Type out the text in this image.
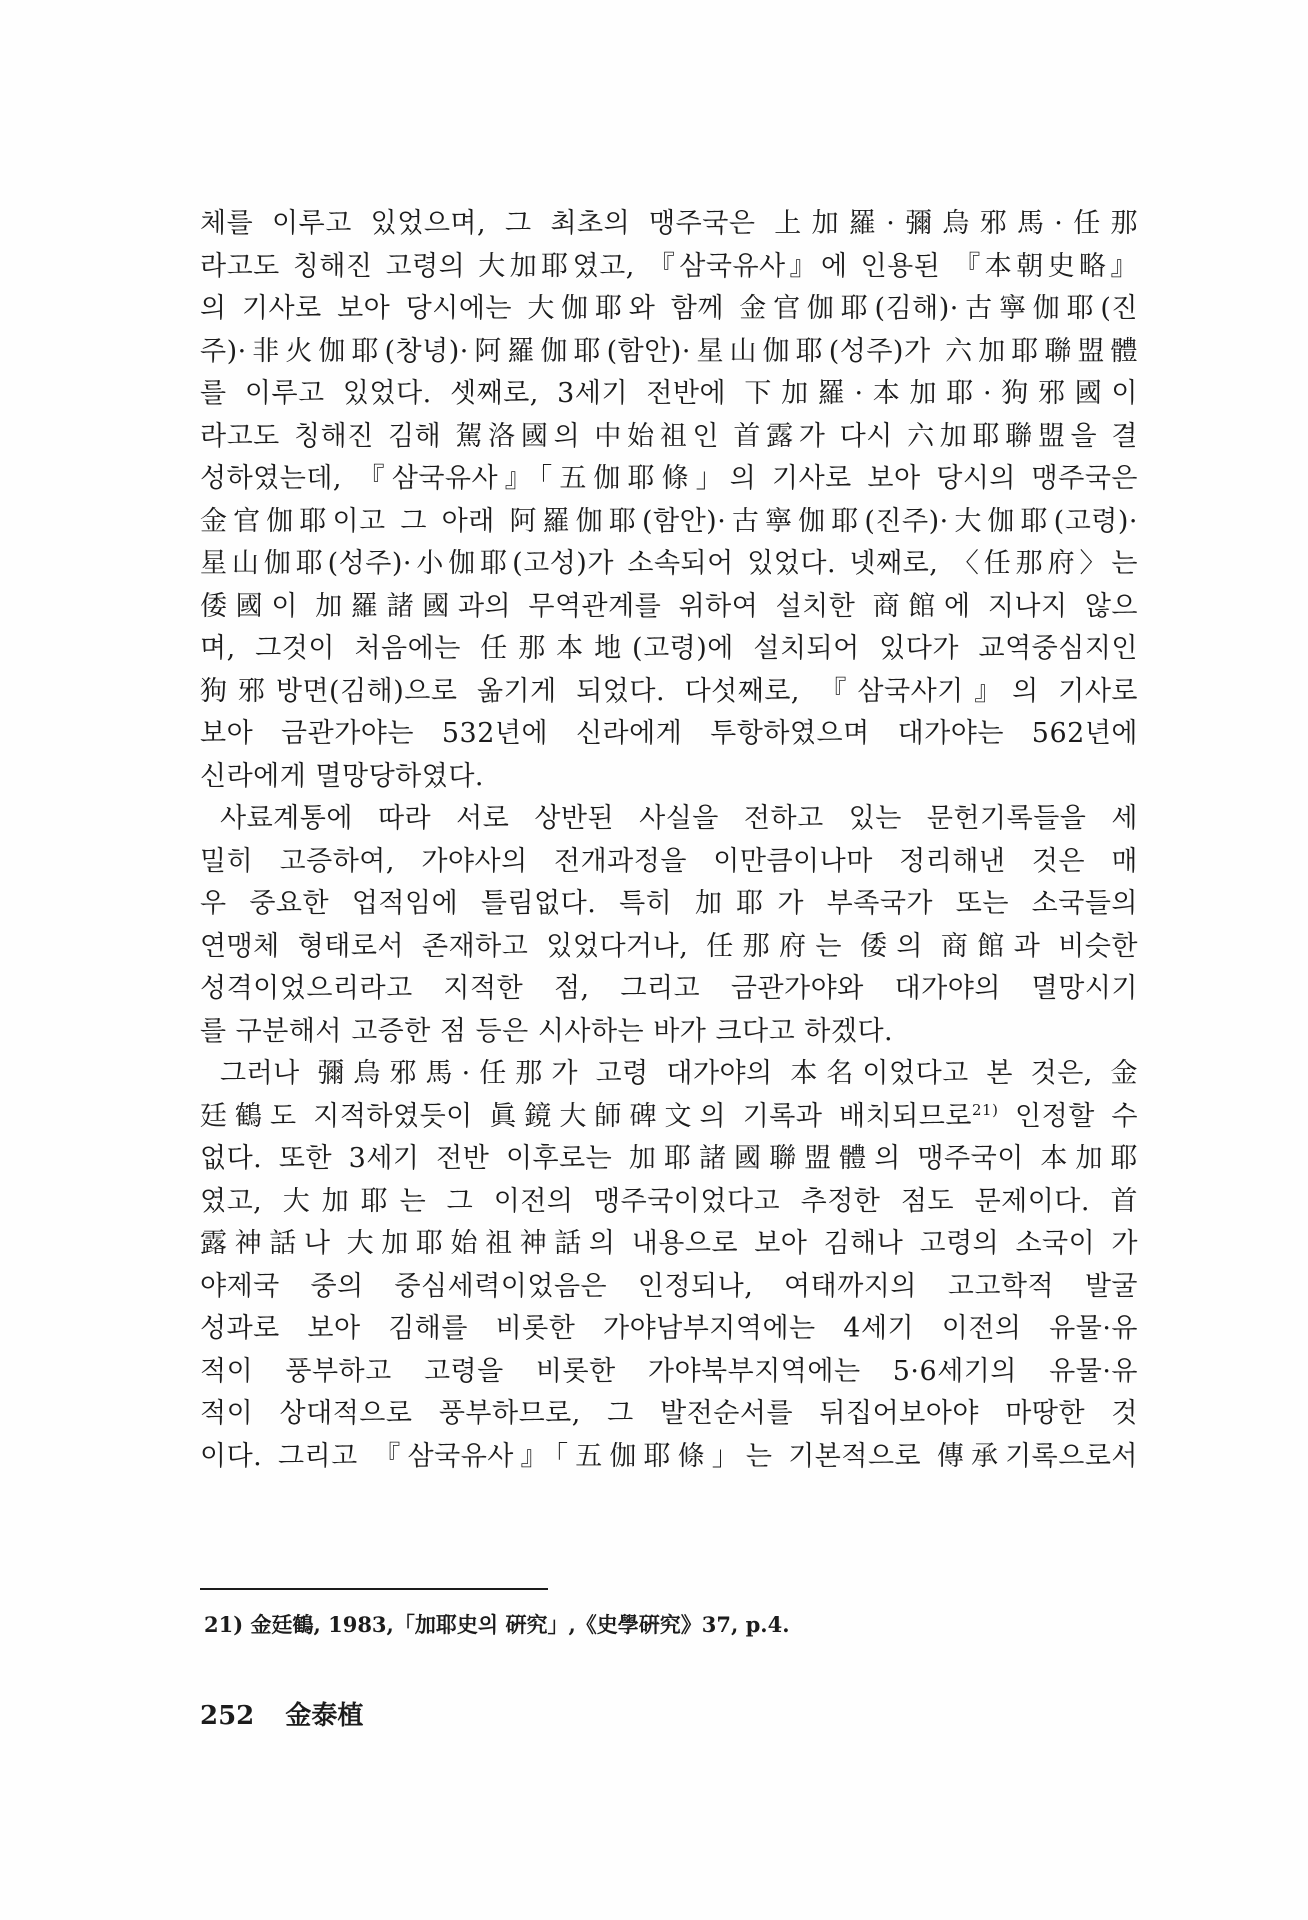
체를 이루고 있었으며, 그 최초의 맹주국은 上加羅·彌烏邪馬·任那
라고도 칭해진 고령의 大加耶였고, 『삼국유사』에 인용된 『本朝史略』
의 기사로 보아 당시에는 大伽耶와 함께 金官伽耶(김해)·古寧伽耶(진
주)·非火伽耶(창녕)·阿羅伽耶(함안)·星山伽耶(성주)가 六加耶聯盟體
를 이루고 있었다. 셋째로, 3세기 전반에 下加羅·本加耶·狗邪國이
라고도 칭해진 김해 駕洛國의 中始祖인 首露가 다시 六加耶聯盟을 결
성하였는데, 『삼국유사』「五伽耶條」의 기사로 보아 당시의 맹주국은
金官伽耶이고 그 아래 阿羅伽耶(함안)·古寧伽耶(진주)·大伽耶(고령)·
星山伽耶(성주)·小伽耶(고성)가 소속되어 있었다. 넷째로, 〈任那府〉는
倭國이 加羅諸國과의 무역관계를 위하여 설치한 商館에 지나지 않으
며, 그것이 처음에는 任那本地(고령)에 설치되어 있다가 교역중심지인
狗邪방면(김해)으로 옮기게 되었다. 다섯째로, 『삼국사기』의 기사로
보아 금관가야는 532년에 신라에게 투항하였으며 대가야는 562년에
신라에게 멸망당하였다.
사료계통에 따라 서로 상반된 사실을 전하고 있는 문헌기록들을 세
밀히 고증하여, 가야사의 전개과정을 이만큼이나마 정리해낸 것은 매
우 중요한 업적임에 틀림없다. 특히 加耶가 부족국가 또는 소국들의
연맹체 형태로서 존재하고 있었다거나, 任那府는 倭의 商館과 비슷한
성격이었으리라고 지적한 점, 그리고 금관가야와 대가야의 멸망시기
를 구분해서 고증한 점 등은 시사하는 바가 크다고 하겠다.
그러나 彌烏邪馬·任那가 고령 대가야의 本名이었다고 본 것은, 金
廷鶴도 지적하였듯이 眞鏡大師碑文의 기록과 배치되므로$^{21)}$ 인정할 수
없다. 또한 3세기 전반 이후로는 加耶諸國聯盟體의 맹주국이 本加耶
였고, 大加耶는 그 이전의 맹주국이었다고 추정한 점도 문제이다. 首
露神話나 大加耶始祖神話의 내용으로 보아 김해나 고령의 소국이 가
야제국 중의 중심세력이었음은 인정되나, 여태까지의 고고학적 발굴
성과로 보아 김해를 비롯한 가야남부지역에는 4세기 이전의 유물·유
적이 풍부하고 고령을 비롯한 가야북부지역에는 5·6세기의 유물·유
적이 상대적으로 풍부하므로, 그 발전순서를 뒤집어보아야 마땅한 것
이다. 그리고 『삼국유사』「五伽耶條」는 기본적으로 傳承기록으로서
21) 金廷鶴, 1983,「加耶史의 硏究」,《史學硏究》37, p.4.
252 金泰植
